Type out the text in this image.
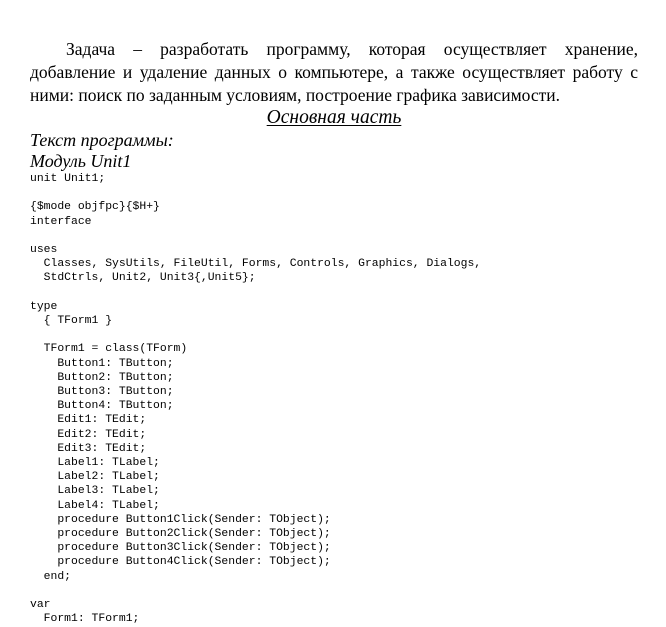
Задача – разработать программу, которая осуществляет хранение, добавление и удаление данных о компьютере, а также осуществляет работу с ними: поиск по заданным условиям, построение графика зависимости.

Основная часть
Текст программы:
Модуль Unit1
unit Unit1;

{$mode objfpc}{$H+}
interface

uses
Classes, SysUtils, FileUtil, Forms, Controls, Graphics, Dialogs,
StdCtrls, Unit2, Unit3{,Unit5};

type
{ TForm1 }

TForm1 = class(TForm)
Button1: TButton;
Button2: TButton;
Button3: TButton;
Button4: TButton;
Edit1: TEdit;
Edit2: TEdit;
Edit3: TEdit;
Label1: TLabel;
Label2: TLabel;
Label3: TLabel;
Label4: TLabel;
procedure Button1Click(Sender: TObject);
procedure Button2Click(Sender: TObject);
procedure Button3Click(Sender: TObject);
procedure Button4Click(Sender: TObject);
end;

var
Form1: TForm1;
